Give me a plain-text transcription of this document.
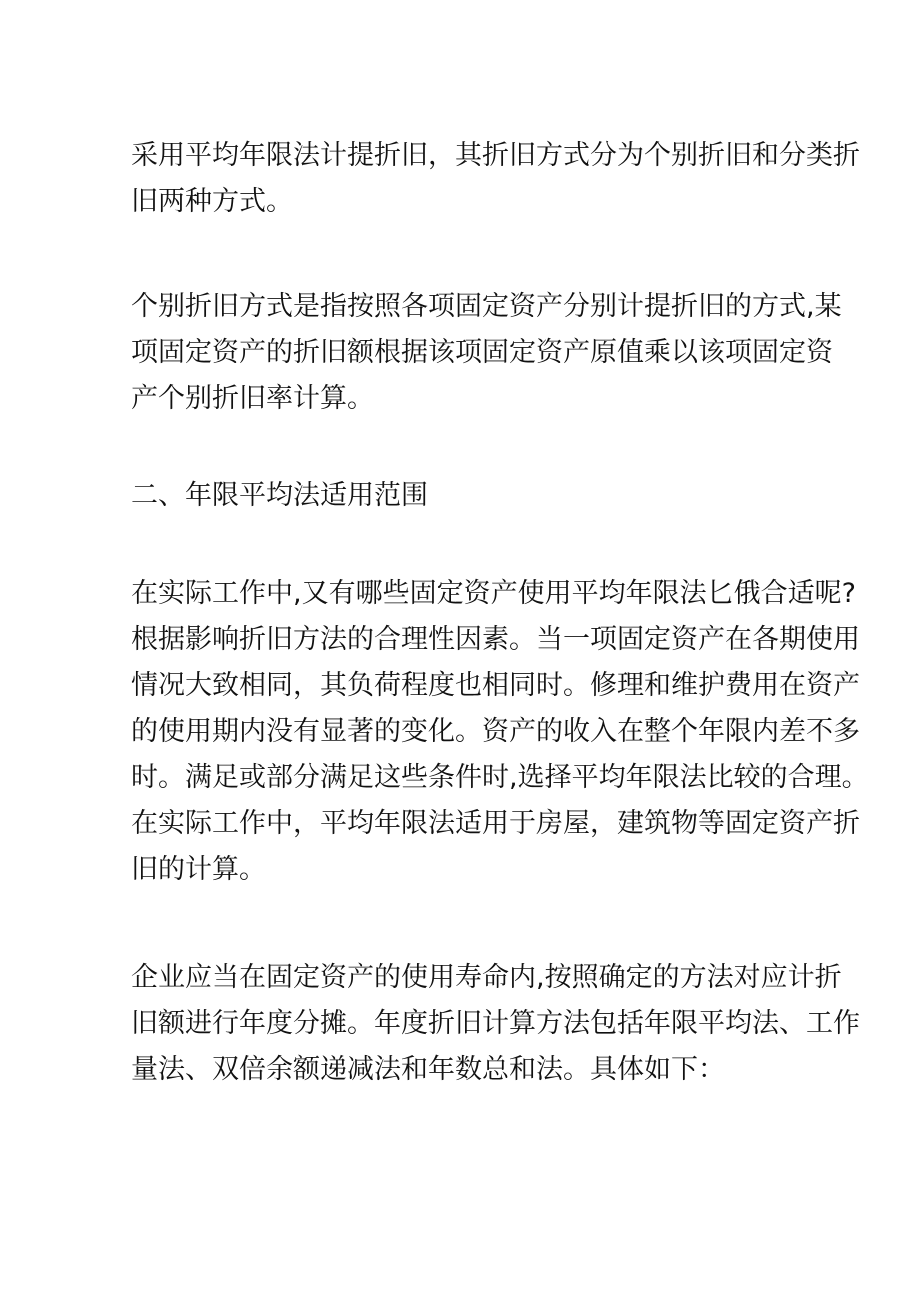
采用平均年限法计提折旧，其折旧方式分为个别折旧和分类折
旧两种方式。

个别折旧方式是指按照各项固定资产分别计提折旧的方式,某
项固定资产的折旧额根据该项固定资产原值乘以该项固定资
产个别折旧率计算。

二、年限平均法适用范围

在实际工作中,又有哪些固定资产使用平均年限法匕俄合适呢?
根据影响折旧方法的合理性因素。当一项固定资产在各期使用
情况大致相同，其负荷程度也相同时。修理和维护费用在资产
的使用期内没有显著的变化。资产的收入在整个年限内差不多
时。满足或部分满足这些条件时,选择平均年限法比较的合理。
在实际工作中，平均年限法适用于房屋，建筑物等固定资产折
旧的计算。

企业应当在固定资产的使用寿命内,按照确定的方法对应计折
旧额进行年度分摊。年度折旧计算方法包括年限平均法、工作
量法、双倍余额递减法和年数总和法。具体如下：
